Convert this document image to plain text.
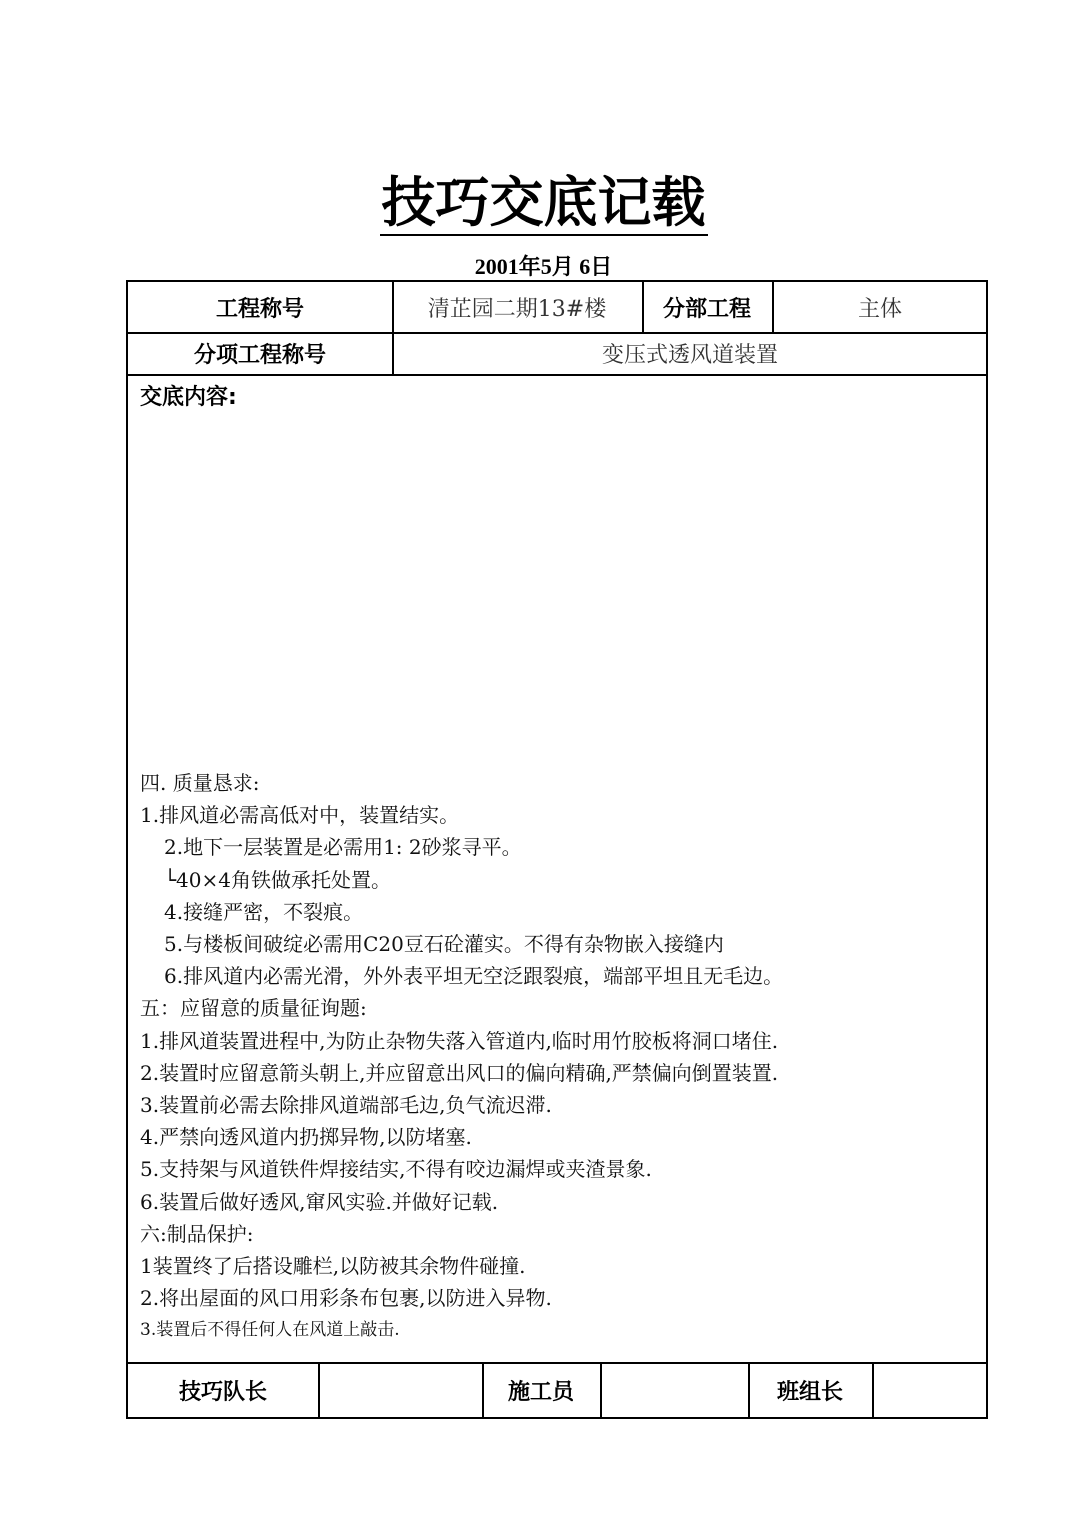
技巧交底记载
2001年5月 6日
工程称号	清芷园二期13#楼	分部工程	主体
分项工程称号	变压式透风道装置
交底内容:
四. 质量恳求:
1.排风道必需高低对中，装置结实。
2.地下一层装置是必需用1: 2砂浆寻平。
└40×4角铁做承托处置。
4.接缝严密，不裂痕。
5.与楼板间破绽必需用C20豆石砼灌实。不得有杂物嵌入接缝内
6.排风道内必需光滑，外外表平坦无空泛跟裂痕，端部平坦且无毛边。
五：应留意的质量征询题:
1.排风道装置进程中,为防止杂物失落入管道内,临时用竹胶板将洞口堵住.
2.装置时应留意箭头朝上,并应留意出风口的偏向精确,严禁偏向倒置装置.
3.装置前必需去除排风道端部毛边,负气流迟滞.
4.严禁向透风道内扔掷异物,以防堵塞.
5.支持架与风道铁件焊接结实,不得有咬边漏焊或夹渣景象.
6.装置后做好透风,窜风实验.并做好记载.
六:制品保护:
1装置终了后搭设雕栏,以防被其余物件碰撞.
2.将出屋面的风口用彩条布包裹,以防进入异物.
3.装置后不得任何人在风道上敲击.
技巧队长	施工员	班组长
